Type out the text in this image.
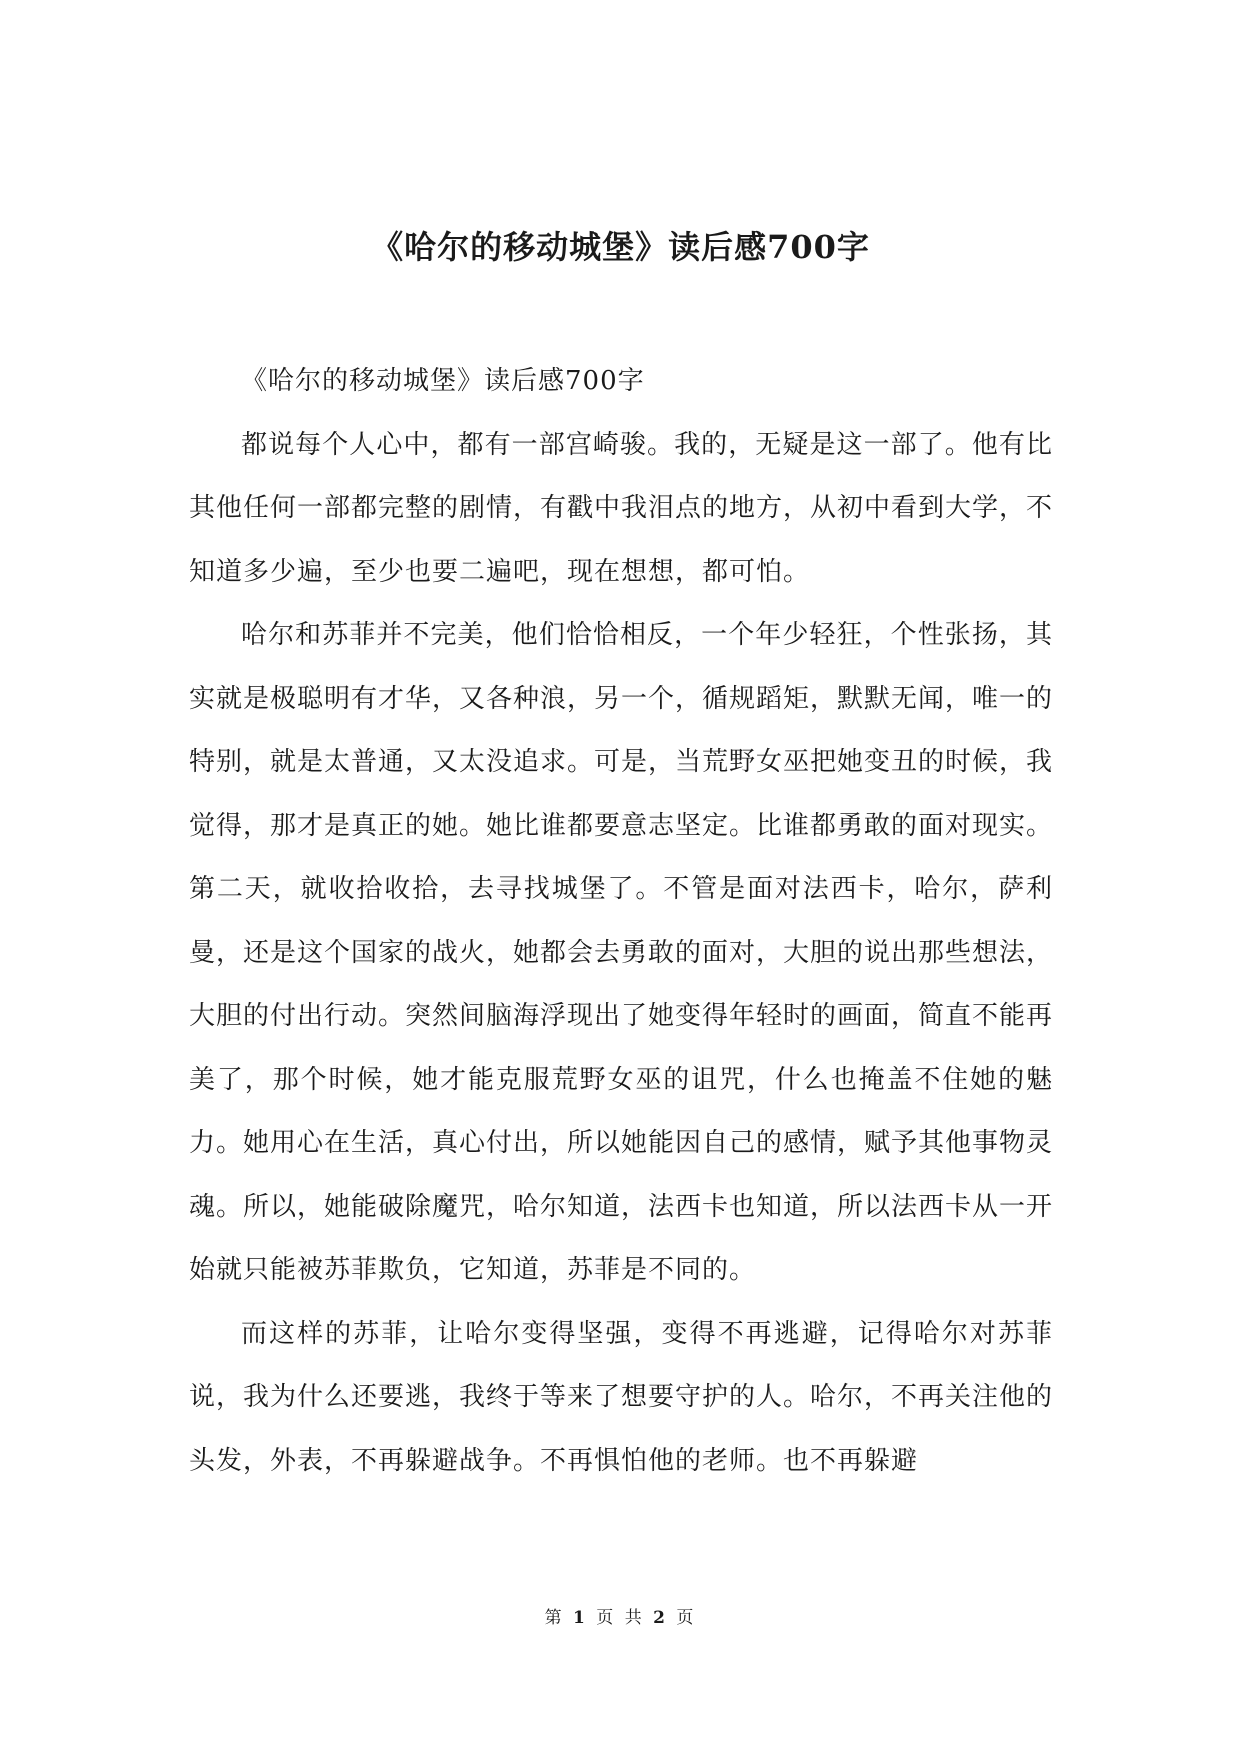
《哈尔的移动城堡》读后感700字

《哈尔的移动城堡》读后感700字

都说每个人心中，都有一部宫崎骏。我的，无疑是这一部了。他有比其他任何一部都完整的剧情，有戳中我泪点的地方，从初中看到大学，不知道多少遍，至少也要二遍吧，现在想想，都可怕。

哈尔和苏菲并不完美，他们恰恰相反，一个年少轻狂，个性张扬，其实就是极聪明有才华，又各种浪，另一个，循规蹈矩，默默无闻，唯一的特别，就是太普通，又太没追求。可是，当荒野女巫把她变丑的时候，我觉得，那才是真正的她。她比谁都要意志坚定。比谁都勇敢的面对现实。第二天，就收拾收拾，去寻找城堡了。不管是面对法西卡，哈尔，萨利曼，还是这个国家的战火，她都会去勇敢的面对，大胆的说出那些想法，大胆的付出行动。突然间脑海浮现出了她变得年轻时的画面，简直不能再美了，那个时候，她才能克服荒野女巫的诅咒，什么也掩盖不住她的魅力。她用心在生活，真心付出，所以她能因自己的感情，赋予其他事物灵魂。所以，她能破除魔咒，哈尔知道，法西卡也知道，所以法西卡从一开始就只能被苏菲欺负，它知道，苏菲是不同的。

而这样的苏菲，让哈尔变得坚强，变得不再逃避，记得哈尔对苏菲说，我为什么还要逃，我终于等来了想要守护的人。哈尔，不再关注他的头发，外表，不再躲避战争。不再惧怕他的老师。也不再躲避

第 1 页 共 2 页
